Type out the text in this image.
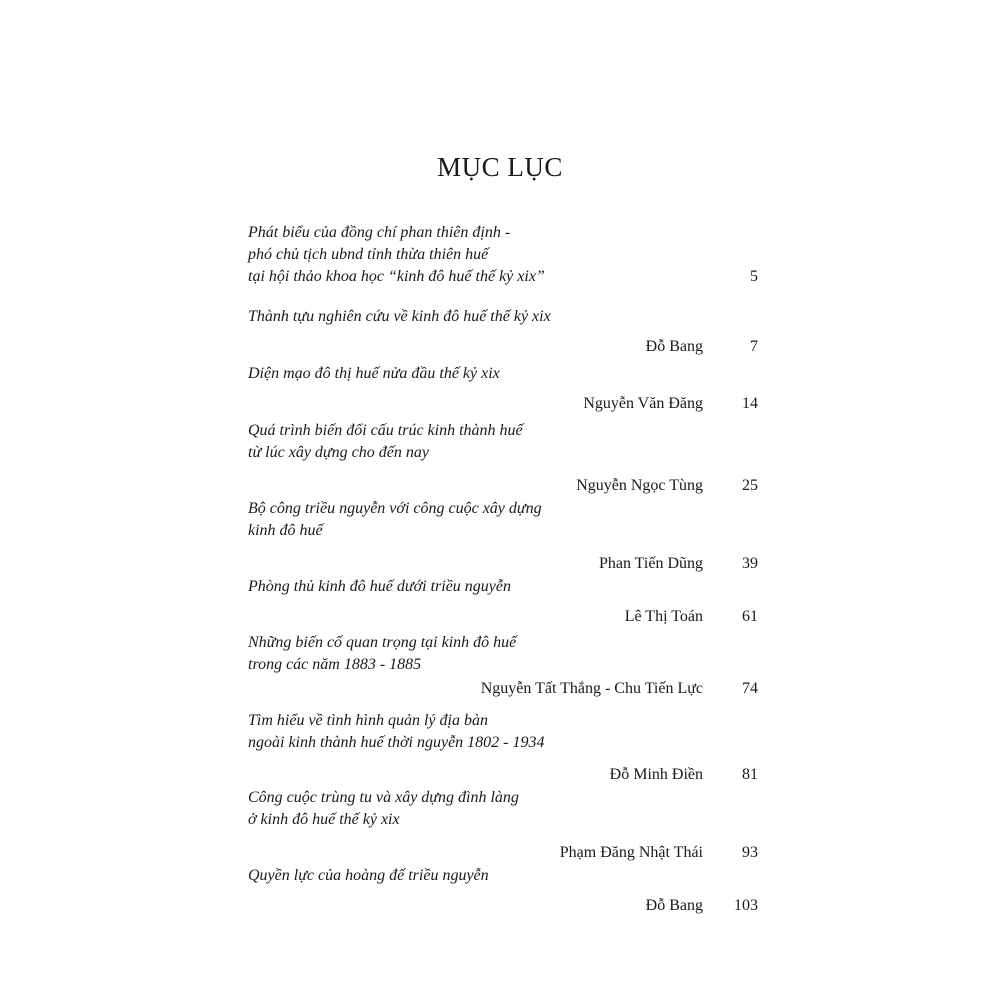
MỤC LỤC
Phát biểu của đồng chí phan thiên định -
phó chủ tịch ubnd tỉnh thừa thiên huế
tại hội thảo khoa học “kinh đô huế thế kỷ xix”	5
Thành tựu nghiên cứu về kinh đô huế thế kỷ xix
Đỗ Bang	7
Diện mạo đô thị huế nửa đầu thế kỷ xix
Nguyễn Văn Đăng 14
Quá trình biến đổi cấu trúc kinh thành huế
từ lúc xây dựng cho đến nay
Nguyễn Ngọc Tùng 25
Bộ công triều nguyễn với công cuộc xây dựng
kinh đô huế
Phan Tiến Dũng 39
Phòng thủ kinh đô huế dưới triều nguyễn
Lê Thị Toán 61
Những biến cố quan trọng tại kinh đô huế
trong các năm 1883 - 1885
Nguyễn Tất Thắng - Chu Tiến Lực 74
Tìm hiểu về tình hình quản lý địa bàn
ngoài kinh thành huế thời nguyễn 1802 - 1934
Đỗ Minh Điền 81
Công cuộc trùng tu và xây dựng đình làng
ở kinh đô huế thế kỷ xix
Phạm Đăng Nhật Thái 93
Quyền lực của hoàng đế triều nguyễn
Đỗ Bang 103
